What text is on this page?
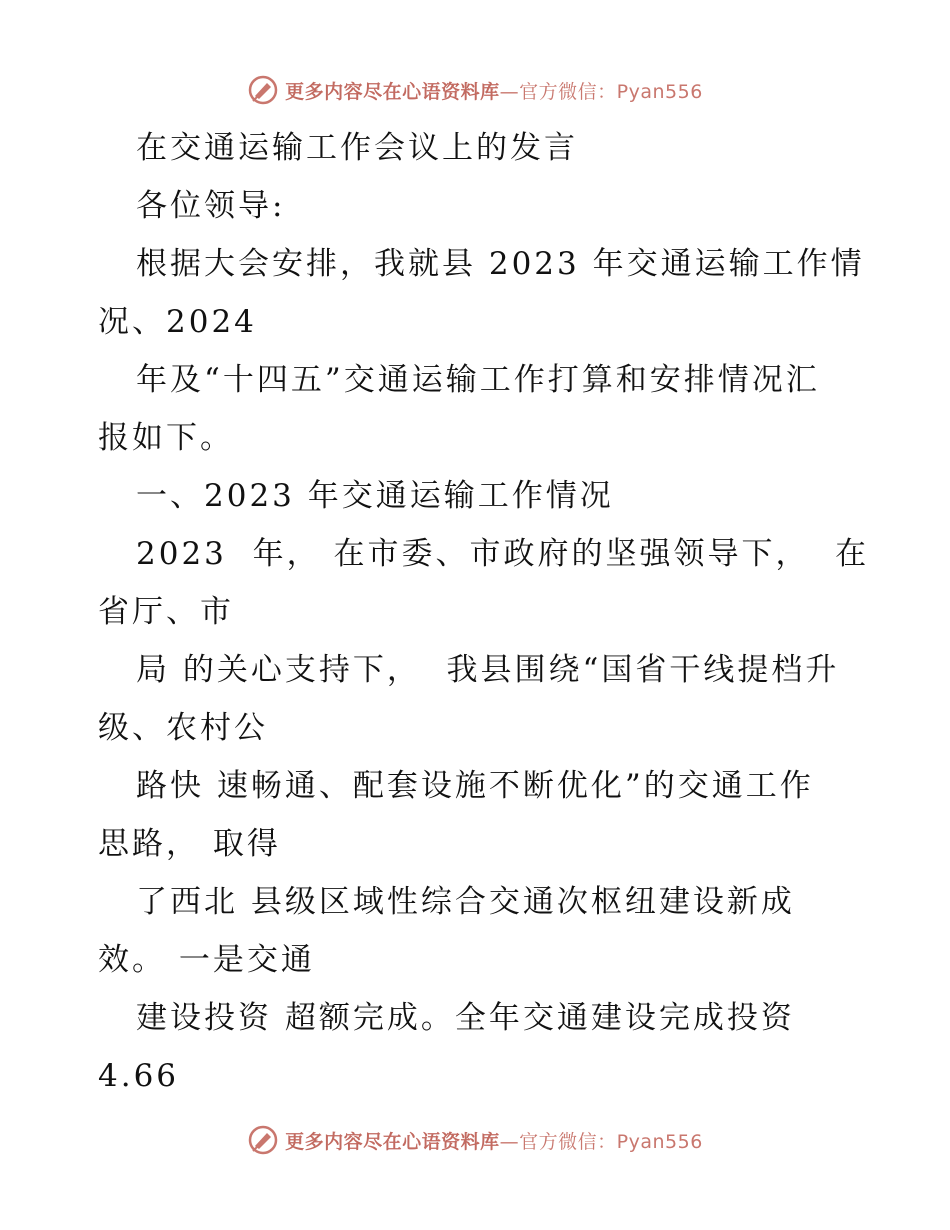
更多内容尽在心语资料库—官方微信：Pyan556
在交通运输工作会议上的发言
各位领导:
根据大会安排，我就县 2023 年交通运输工作情
况、2024
年及“十四五”交通运输工作打算和安排情况汇
报如下。
一、2023 年交通运输工作情况
2023  年， 在市委、市政府的坚强领导下，  在
省厅、市
局 的关心支持下，  我县围绕“国省干线提档升
级、农村公
路快 速畅通、配套设施不断优化”的交通工作
思路， 取得
了西北 县级区域性综合交通次枢纽建设新成
效。 一是交通
建设投资 超额完成。全年交通建设完成投资
4.66
更多内容尽在心语资料库—官方微信：Pyan556
